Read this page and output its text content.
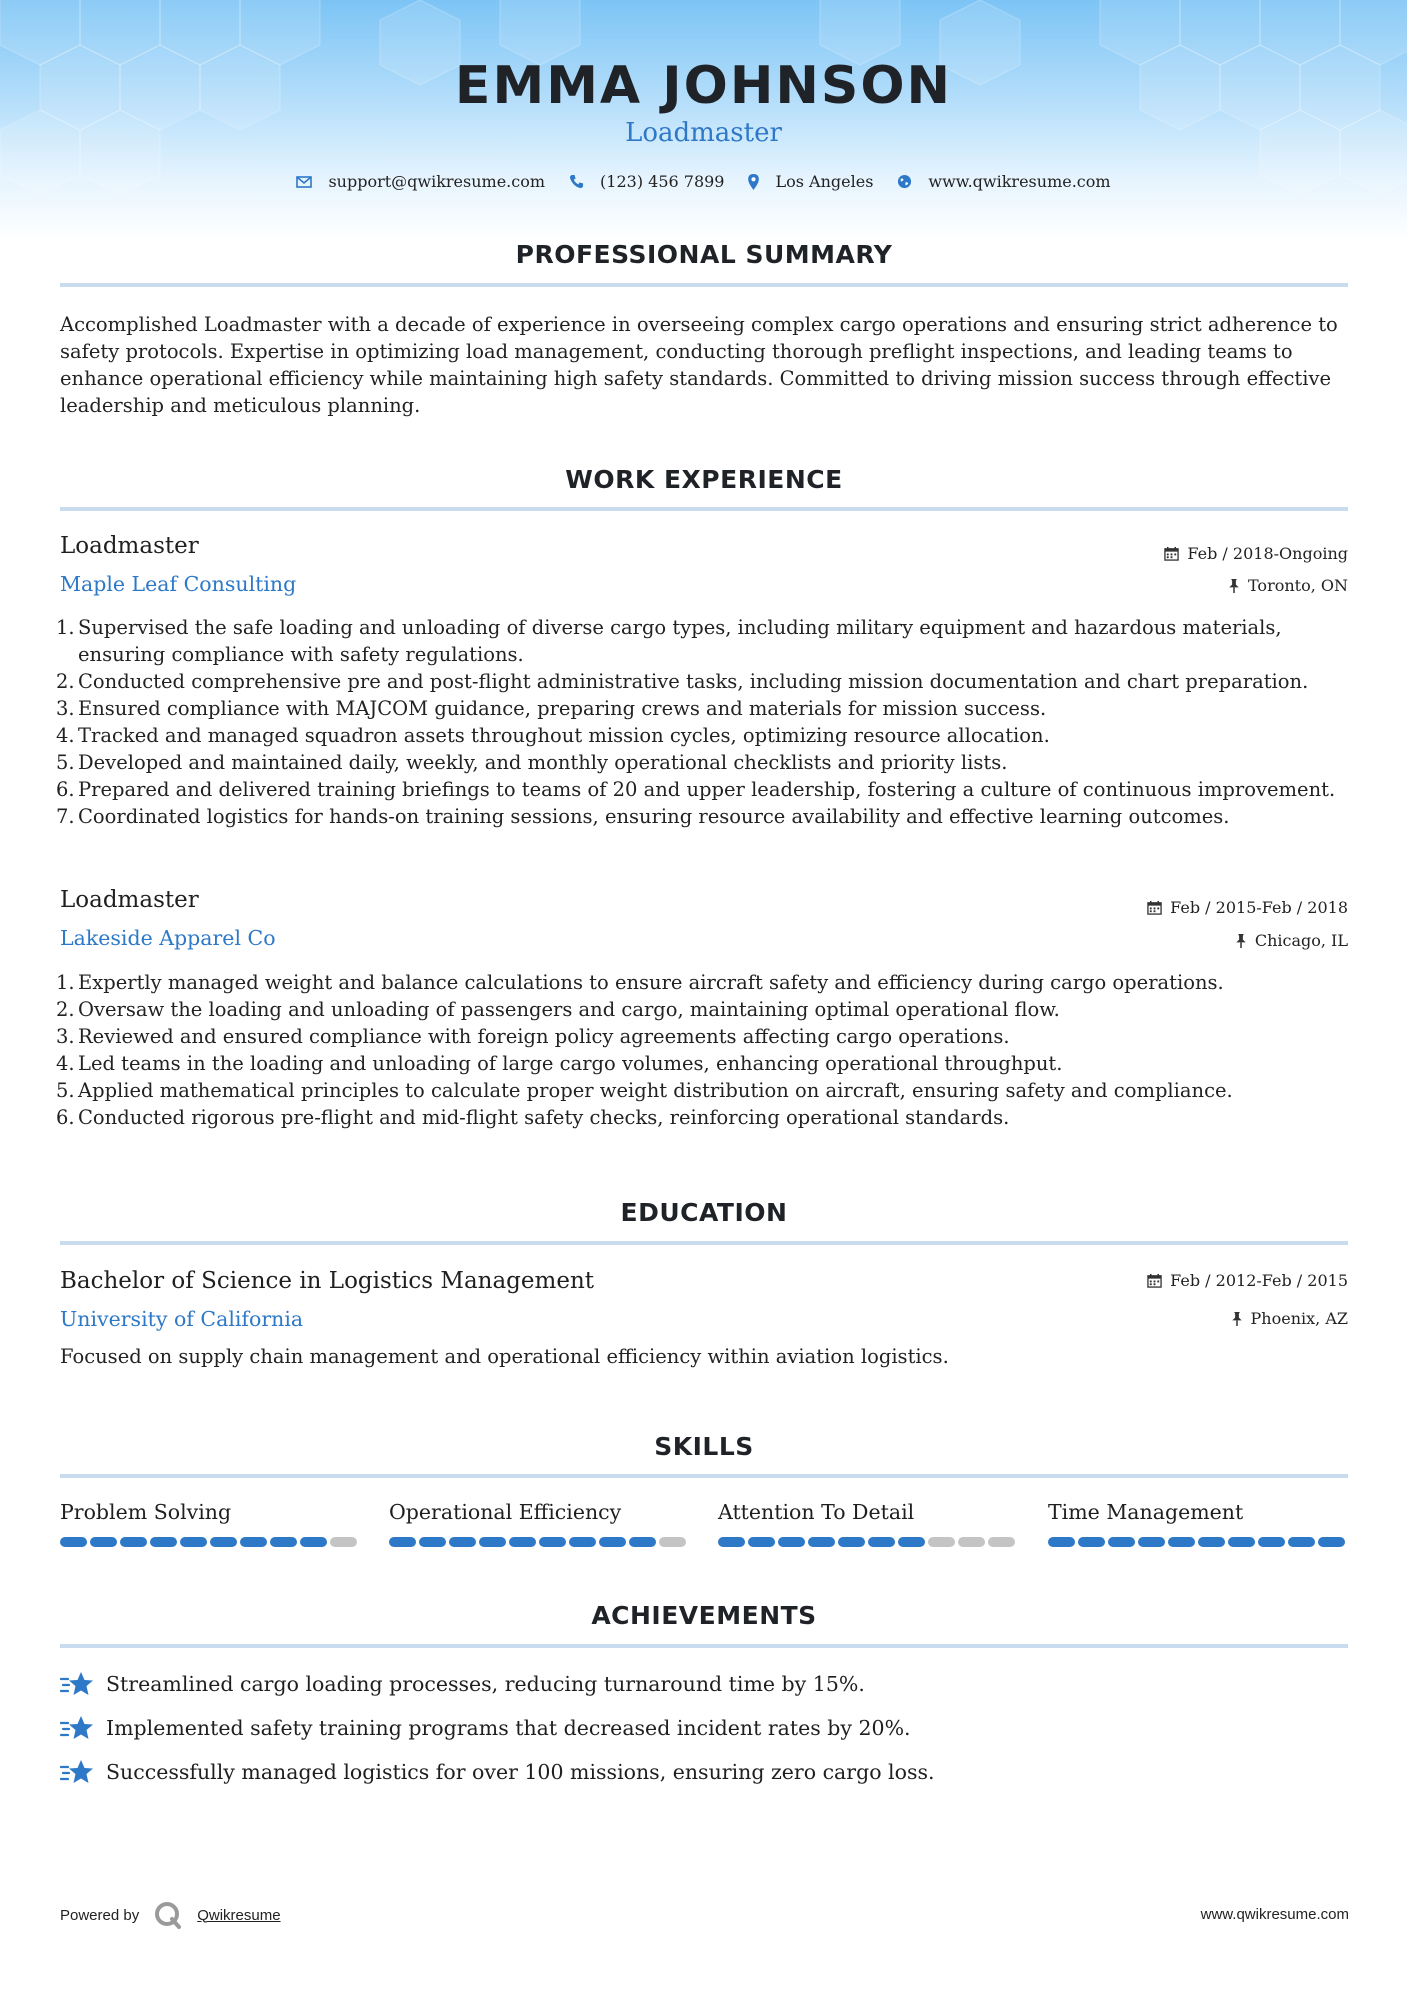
EMMA JOHNSON
Loadmaster
support@qwikresume.com	(123) 456 7899	Los Angeles	www.qwikresume.com
PROFESSIONAL SUMMARY
Accomplished Loadmaster with a decade of experience in overseeing complex cargo operations and ensuring strict adherence to safety protocols. Expertise in optimizing load management, conducting thorough preflight inspections, and leading teams to enhance operational efficiency while maintaining high safety standards. Committed to driving mission success through effective leadership and meticulous planning.
WORK EXPERIENCE
Loadmaster	Feb / 2018-Ongoing
Maple Leaf Consulting	Toronto, ON
1. Supervised the safe loading and unloading of diverse cargo types, including military equipment and hazardous materials, ensuring compliance with safety regulations.
2. Conducted comprehensive pre and post-flight administrative tasks, including mission documentation and chart preparation.
3. Ensured compliance with MAJCOM guidance, preparing crews and materials for mission success.
4. Tracked and managed squadron assets throughout mission cycles, optimizing resource allocation.
5. Developed and maintained daily, weekly, and monthly operational checklists and priority lists.
6. Prepared and delivered training briefings to teams of 20 and upper leadership, fostering a culture of continuous improvement.
7. Coordinated logistics for hands-on training sessions, ensuring resource availability and effective learning outcomes.
Loadmaster	Feb / 2015-Feb / 2018
Lakeside Apparel Co	Chicago, IL
1. Expertly managed weight and balance calculations to ensure aircraft safety and efficiency during cargo operations.
2. Oversaw the loading and unloading of passengers and cargo, maintaining optimal operational flow.
3. Reviewed and ensured compliance with foreign policy agreements affecting cargo operations.
4. Led teams in the loading and unloading of large cargo volumes, enhancing operational throughput.
5. Applied mathematical principles to calculate proper weight distribution on aircraft, ensuring safety and compliance.
6. Conducted rigorous pre-flight and mid-flight safety checks, reinforcing operational standards.
EDUCATION
Bachelor of Science in Logistics Management	Feb / 2012-Feb / 2015
University of California	Phoenix, AZ
Focused on supply chain management and operational efficiency within aviation logistics.
SKILLS
Problem Solving	Operational Efficiency	Attention To Detail	Time Management
ACHIEVEMENTS
Streamlined cargo loading processes, reducing turnaround time by 15%.
Implemented safety training programs that decreased incident rates by 20%.
Successfully managed logistics for over 100 missions, ensuring zero cargo loss.
Powered by	Qwikresume	www.qwikresume.com
